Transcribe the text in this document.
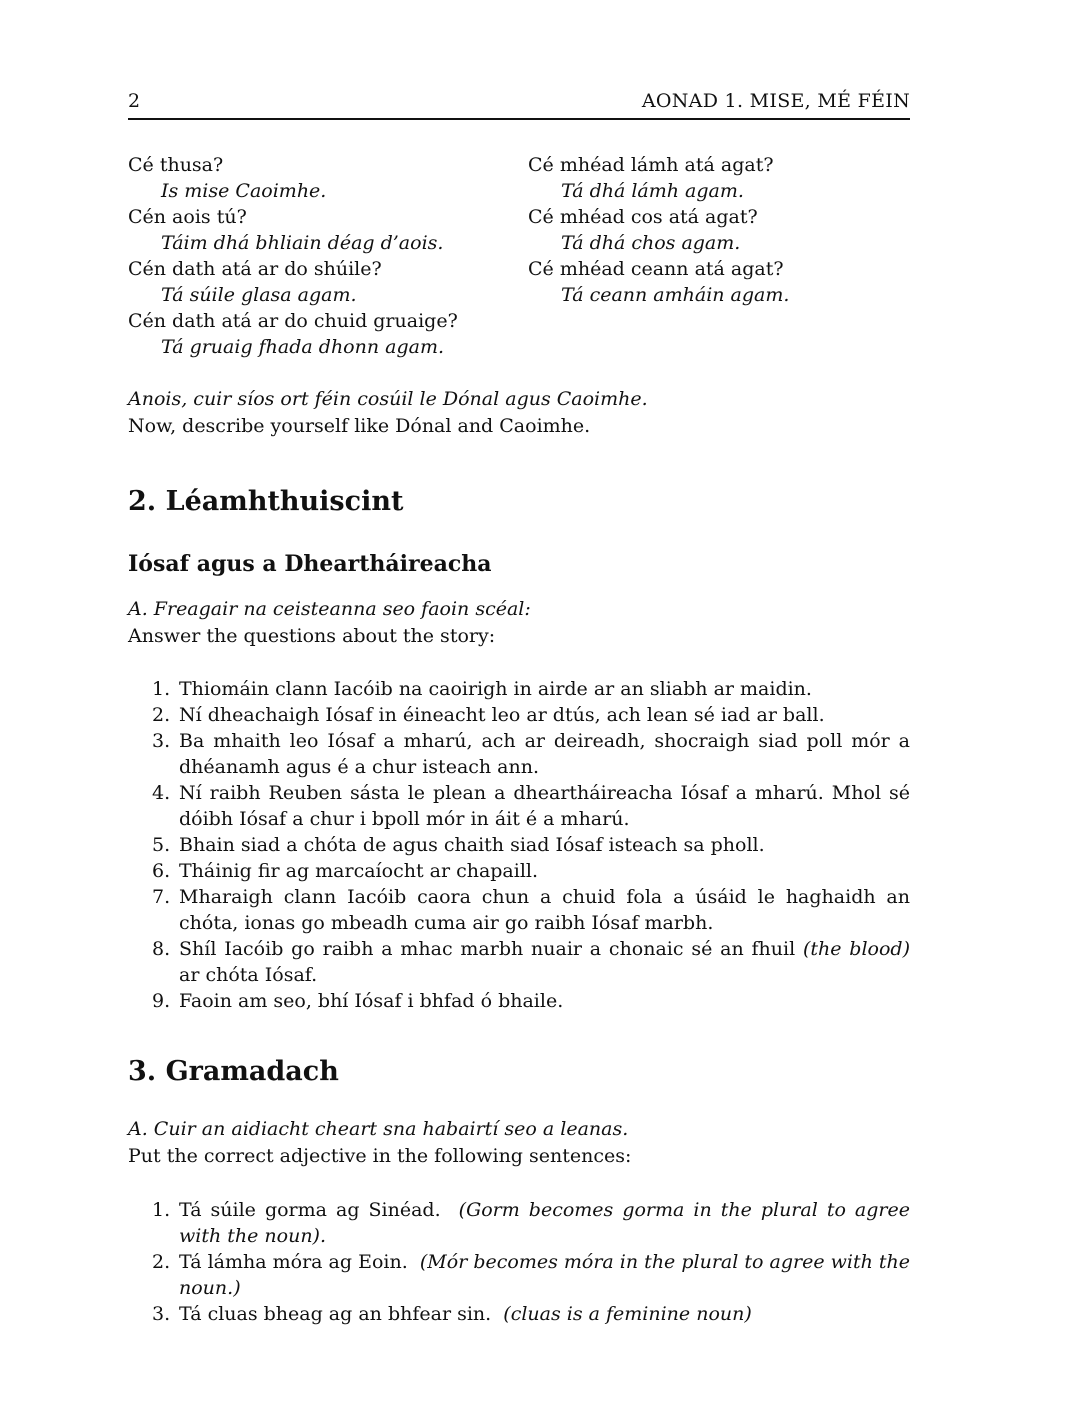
2	AONAD 1. MISE, MÉ FÉIN
Cé thusa?
Is mise Caoimhe.
Cén aois tú?
Táim dhá bhliain déag d’aois.
Cén dath atá ar do shúile?
Tá súile glasa agam.
Cén dath atá ar do chuid gruaige?
Tá gruaig fhada dhonn agam.
Cé mhéad lámh atá agat?
Tá dhá lámh agam.
Cé mhéad cos atá agat?
Tá dhá chos agam.
Cé mhéad ceann atá agat?
Tá ceann amháin agam.
Anois, cuir síos ort féin cosúil le Dónal agus Caoimhe.
Now, describe yourself like Dónal and Caoimhe.
2. Léamhthuiscint
Iósaf agus a Dheartháireacha
A. Freagair na ceisteanna seo faoin scéal:
Answer the questions about the story:
1. Thiomáin clann Iacóib na caoirigh in airde ar an sliabh ar maidin.
2. Ní dheachaigh Iósaf in éineacht leo ar dtús, ach lean sé iad ar ball.
3. Ba mhaith leo Iósaf a mharú, ach ar deireadh, shocraigh siad poll mór a dhéanamh agus é a chur isteach ann.
4. Ní raibh Reuben sásta le plean a dheartháireacha Iósaf a mharú. Mhol sé dóibh Iósaf a chur i bpoll mór in áit é a mharú.
5. Bhain siad a chóta de agus chaith siad Iósaf isteach sa pholl.
6. Tháinig fir ag marcaíocht ar chapaill.
7. Mharaigh clann Iacóib caora chun a chuid fola a úsáid le haghaidh an chóta, ionas go mbeadh cuma air go raibh Iósaf marbh.
8. Shíl Iacóib go raibh a mhac marbh nuair a chonaic sé an fhuil (the blood) ar chóta Iósaf.
9. Faoin am seo, bhí Iósaf i bhfad ó bhaile.
3. Gramadach
A. Cuir an aidiacht cheart sna habairtí seo a leanas.
Put the correct adjective in the following sentences:
1. Tá súile gorma ag Sinéad. (Gorm becomes gorma in the plural to agree with the noun).
2. Tá lámha móra ag Eoin. (Mór becomes móra in the plural to agree with the noun.)
3. Tá cluas bheag ag an bhfear sin. (cluas is a feminine noun)
